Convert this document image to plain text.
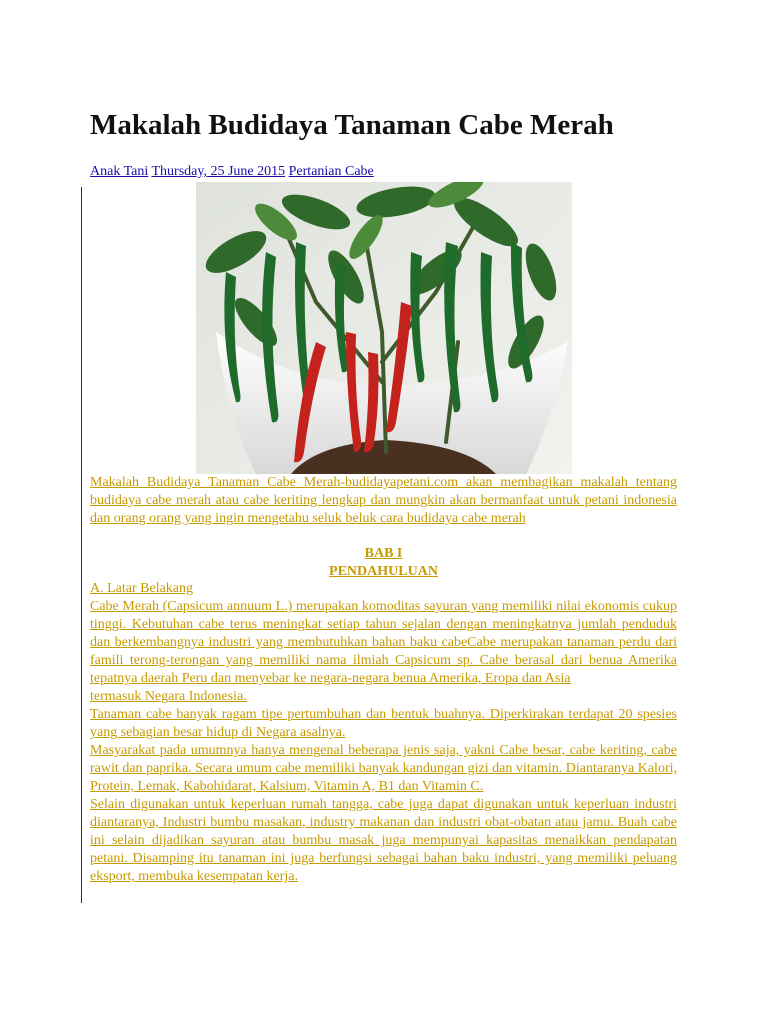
Makalah Budidaya Tanaman Cabe Merah
Anak Tani Thursday, 25 June 2015 Pertanian Cabe
Makalah Budidaya Tanaman Cabe Merah-budidayapetani.com akan membagikan makalah tentang budidaya cabe merah atau cabe keriting lengkap dan mungkin akan bermanfaat untuk petani indonesia dan orang orang yang ingin mengetahu seluk beluk cara budidaya cabe merah
BAB I
PENDAHULUAN

A. Latar Belakang

Cabe Merah (Capsicum annuum L.) merupakan komoditas sayuran yang memiliki nilai ekonomis cukup tinggi. Kebutuhan cabe terus meningkat setiap tahun sejalan dengan meningkatnya jumlah penduduk dan berkembangnya industri yang membutuhkan bahan baku cabeCabe merupakan tanaman perdu dari famili terong-terongan yang memiliki nama ilmiah Capsicum sp. Cabe berasal dari benua Amerika tepatnya daerah Peru dan menyebar ke negara-negara benua Amerika, Eropa dan Asia

termasuk Negara Indonesia.

Tanaman cabe banyak ragam tipe pertumbuhan dan bentuk buahnya. Diperkirakan terdapat 20 spesies yang sebagian besar hidup di Negara asalnya.

Masyarakat pada umumnya hanya mengenal beberapa jenis saja, yakni Cabe besar, cabe keriting, cabe rawit dan paprika. Secara umum cabe memiliki banyak kandungan gizi dan vitamin. Diantaranya Kalori, Protein, Lemak, Kabohidarat, Kalsium, Vitamin A, B1 dan Vitamin C.

Selain digunakan untuk keperluan rumah tangga, cabe juga dapat digunakan untuk keperluan industri diantaranya, Industri bumbu masakan, industry makanan dan industri obat-obatan atau jamu. Buah cabe ini selain dijadikan sayuran atau bumbu masak juga mempunyai kapasitas menaikkan pendapatan petani. Disamping itu tanaman ini juga berfungsi sebagai bahan baku industri, yang memiliki peluang eksport, membuka kesempatan kerja.
